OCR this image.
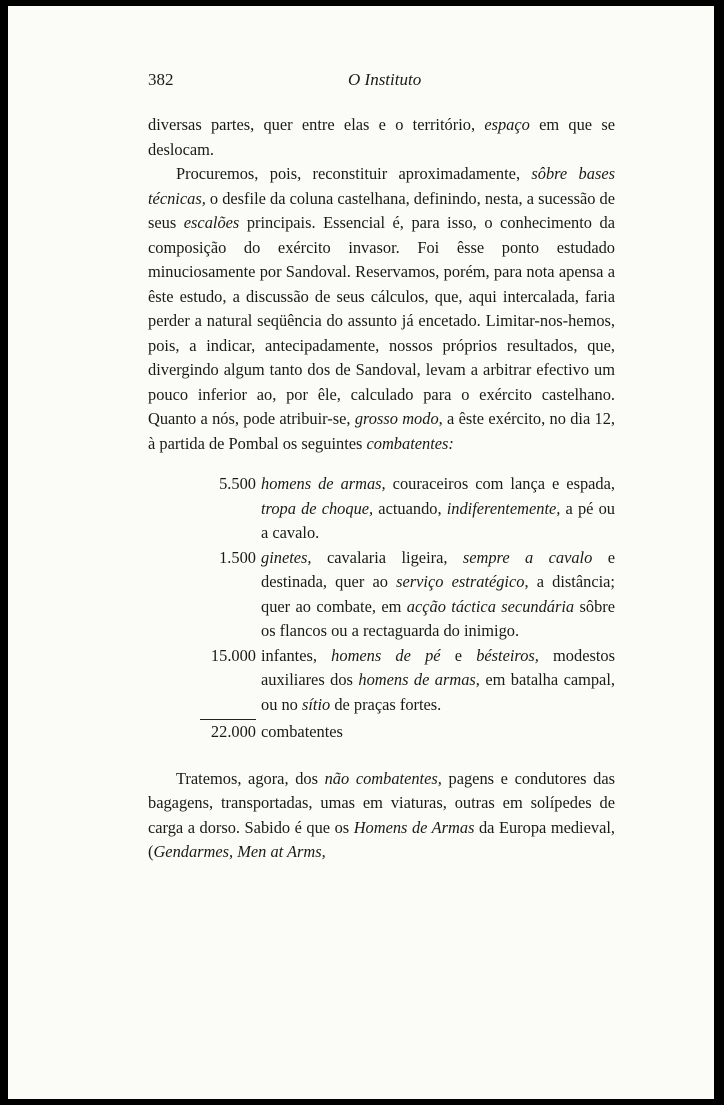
382	O Instituto

diversas partes, quer entre elas e o território, espaço em que se deslocam.

Procuremos, pois, reconstituir aproximadamente, sôbre bases técnicas, o desfile da coluna castelhana, definindo, nesta, a sucessão de seus escalões principais. Essencial é, para isso, o conhecimento da composição do exército invasor. Foi êsse ponto estudado minuciosamente por Sandoval. Reservamos, porém, para nota apensa a êste estudo, a discussão de seus cálculos, que, aqui intercalada, faria perder a natural seqüência do assunto já encetado. Limitar-nos-hemos, pois, a indicar, antecipadamente, nossos próprios resultados, que, divergindo algum tanto dos de Sandoval, levam a arbitrar efectivo um pouco inferior ao, por êle, calculado para o exército castelhano. Quanto a nós, pode atribuir-se, grosso modo, a êste exército, no dia 12, à partida de Pombal os seguintes combatentes:

5.500 homens de armas, couraceiros com lança e espada, tropa de choque, actuando, indiferentemente, a pé ou a cavalo.
1.500 ginetes, cavalaria ligeira, sempre a cavalo e destinada, quer ao serviço estratégico, a distância; quer ao combate, em acção táctica secundária sôbre os flancos ou a rectaguarda do inimigo.
15.000 infantes, homens de pé e bésteiros, modestos auxiliares dos homens de armas, em batalha campal, ou no sítio de praças fortes.
22.000 combatentes

Tratemos, agora, dos não combatentes, pagens e condutores das bagagens, transportadas, umas em viaturas, outras em solípedes de carga a dorso. Sabido é que os Homens de Armas da Europa medieval, (Gendarmes, Men at Arms,
